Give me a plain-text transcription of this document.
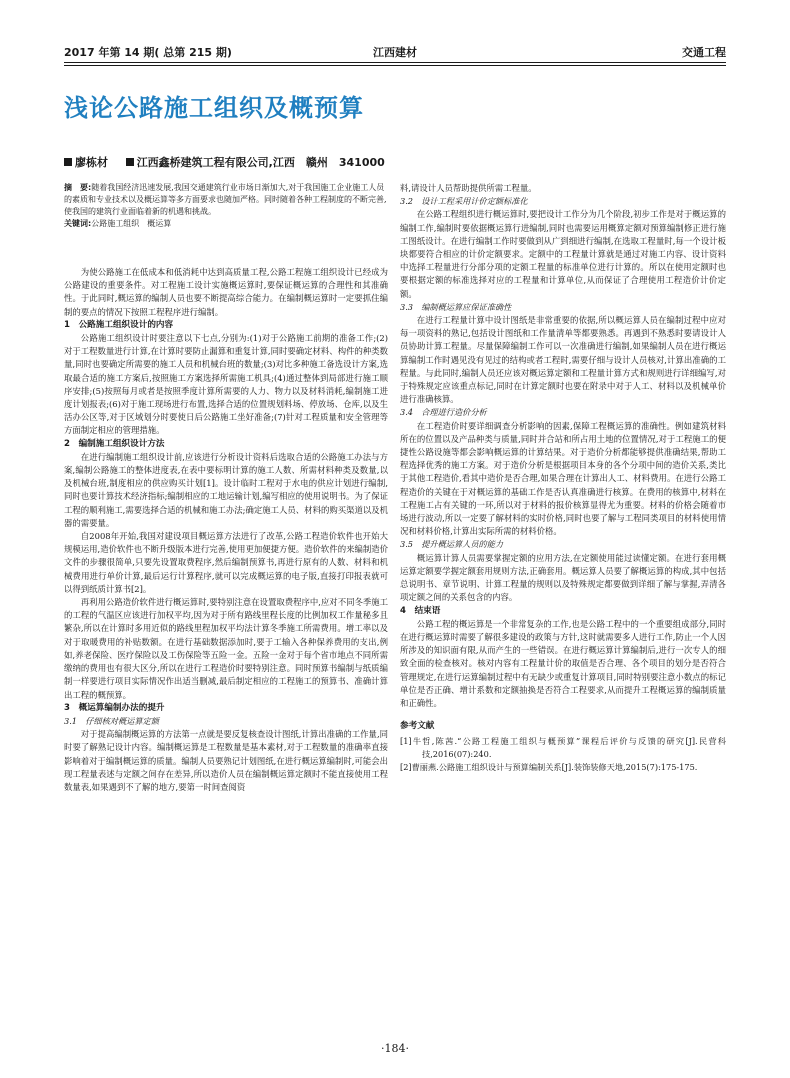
2017 年第 14 期( 总第 215 期)	江西建材	交通工程
浅论公路施工组织及概预算
廖栋材	江西鑫桥建筑工程有限公司,江西　赣州　341000
摘　要:随着我国经济迅速发展,我国交通建筑行业市场日渐加大,对于我国施工企业施工人员的素质和专业技术以及概运算等多方面要求也随加严格。同时随着各种工程制度的不断完善,使我国的建筑行业面临着新的机遇和挑战。
关键词:公路施工组织　概运算

为使公路施工在低成本和低消耗中达到高质量工程,公路工程施工组织设计已经成为公路建设的重要条件。对工程施工设计实施概运算时,要保证概运算的合理性和其准确性。于此同时,概运算的编制人员也要不断提高综合能力。在编制概运算时一定要抓住编制的要点的情况下按照工程程序进行编制。

1　公路施工组织设计的内容

公路施工组织设计时要注意以下七点,分别为:(1)对于公路施工前期的准备工作;(2)对于工程数量进行计算,在计算时要防止漏算和重复计算,同时要确定材料、构件的种类数量,同时也要确定所需要的施工人员和机械台班的数量;(3)对比多种施工备选设计方案,选取最合适的施工方案后,按照施工方案选择所需施工机具;(4)通过整体到局部进行施工顺序安排;(5)按照每月或者是按照季度计算所需要的人力、物力以及材料消耗,编制施工进度计划报表;(6)对于施工现场进行布置,选择合适的位置规划料场、停放场、仓库,以及生活办公区等,对于区域划分时要使日后公路施工坐好准备;(7)针对工程质量和安全管理等方面制定相应的管理措施。

2　编制施工组织设计方法

在进行编制施工组织设计前,应该进行分析设计资料后选取合适的公路施工办法与方案,编制公路施工的整体进度表,在表中要标明计算的施工人数、所需材料种类及数量,以及机械台班,制度相应的供应购买计划[1]。设计临时工程对于水电的供应计划进行编制,同时也要计算技术经济指标;编制相应的工地运输计划,编写相应的使用说明书。为了保证工程的顺利施工,需要选择合适的机械和施工办法;确定施工人员、材料的购买渠道以及机器的需要量。

自2008年开始,我国对建设项目概运算方法进行了改革,公路工程造价软件也开始大规模运用,造价软件也不断升级版本进行完善,使用更加便捷方便。造价软件的来编制造价文件的步骤很简单,只要先设置取费程序,然后编制预算书,再进行原有的人数、材料和机械费用进行单价计算,最后运行计算程序,就可以完成概运算的电子版,直接打印报表就可以得到纸质计算书[2]。

再利用公路造价软件进行概运算时,要特别注意在设置取费程序中,应对不同冬季施工的工程的气温区应该进行加权平均,因为对于所有路线里程长度的比例加权工作量秘多且繁杂,所以在计算时多用近似的路线里程加权平均法计算冬季施工所需费用。增工率以及对于取暖费用的补贴数额。在进行基础数据添加时,要于工输入各种保养费用的支出,例如,养老保险、医疗保险以及工伤保险等五险一金。五险一金对于每个省市地点不同所需缴纳的费用也有很大区分,所以在进行工程造价时要特别注意。同时预算书编制与纸质编制一样要进行项目实际情况作出适当删减,最后制定相应的工程施工的预算书、准确计算出工程的概预算。

3　概运算编制办法的提升
3.1　仔细核对概运算定额

对于提高编制概运算的方法第一点就是要反复核查设计图纸,计算出准确的工作量,同时要了解熟记设计内容。编制概运算是工程数量是基本素材,对于工程数量的准确率直接影响着对于编制概运算的质量。编制人员要熟记计划图纸,在进行概运算编制时,可能会出现工程量表述与定额之间存在差异,所以造价人员在编制概运算定额时不能直接使用工程数量表,如果遇到不了解的地方,要第一时间查阅资

料,请设计人员帮助提供所需工程量。

3.2　设计工程采用计价定额标准化

在公路工程组织进行概运算时,要把设计工作分为几个阶段,初步工作是对于概运算的编制工作,编制时要依据概运算行进编制,同时也需要运用概算定额对预算编制修正进行施工图纸设计。在进行编制工作时要做到从广到细进行编制,在选取工程量时,每一个设计板块都要符合相应的计价定额要求。定额中的工程量计算就是通过对施工内容、设计资料中选择工程量进行分部分项的定额工程量的标准单位进行计算的。所以在使用定额时也要根据定额的标准选择对应的工程量和计算单位,从而保证了合理使用工程造价计价定额。

3.3　编制概运算应保证准确性

在进行工程量计算中设计图纸是非常重要的依据,所以概运算人员在编制过程中应对每一项资料的熟记,包括设计图纸和工作量清单等都要熟悉。再遇到不熟悉时要请设计人员协助计算工程量。尽量保障编制工作可以一次准确进行编制,如果编制人员在进行概运算编制工作时遇见没有见过的结构或者工程时,需要仔细与设计人员核对,计算出准确的工程量。与此同时,编制人员还应该对概运算定额和工程量计算方式和规则进行详细编写,对于特殊规定应该重点标记,同时在计算定额时也要在附录中对于人工、材料以及机械单价进行准确核算。

3.4　合理进行造价分析

在工程造价时要详细调查分析影响的因素,保障工程概运算的准确性。例如建筑材料所在的位置以及产品种类与质量,同时并合站和所占用土地的位置情况,对于工程施工的便捷性公路设施等都会影响概运算的计算结果。对于造价分析都能够提供准确结果,帮助工程选择优秀的施工方案。对于造价分析是根据项目本身的各个分项中间的造价关系,类比于其他工程造价,看其中造价是否合理,如果合理在计算出人工、材料费用。在进行公路工程造价的关键在于对概运算的基础工作是否认真准确进行核算。在费用的核算中,材料在工程施工占有关键的一环,所以对于材料的报价核算显得尤为重要。材料的价格会随着市场进行波动,所以一定要了解材料的实时价格,同时也要了解与工程同类项目的材料使用情况和材料价格,计算出实际所需的材料价格。

3.5　提升概运算人员的能力

概运算计算人员需要掌握定额的应用方法,在定额使用能过读懂定额。在进行套用概运算定额要学握定额套用规则方法,正确套用。概运算人员要了解概运算的构成,其中包括总说明书、章节说明、计算工程量的规则以及特殊规定都要做到详细了解与掌握,弄清各项定额之间的关系包含的内容。

4　结束语

公路工程的概运算是一个非常复杂的工作,也是公路工程中的一个重要组成部分,同时在进行概运算时需要了解很多建设的政策与方针,这时就需要多人进行工作,防止一个人因所涉及的知识面有限,从而产生的一些错误。在进行概运算计算编制后,进行一次专人的细致全面的检查核对。核对内容有工程量计价的取值是否合理、各个项目的划分是否符合管理规定,在进行运算编制过程中有无缺少或重复计算项目,同时特别要注意小数点的标记单位是否正确、增计系数和定额抽换是否符合工程要求,从而提升工程概运算的编制质量和正确性。

参考文献
[1]牛哲,陈茜.“公路工程施工组织与概预算”课程后评价与反馈的研究[J].民营科技,2016(07):240.
[2]曹丽燕.公路施工组织设计与预算编制关系[J].装饰装修天地,2015(7):175-175.
·184·
